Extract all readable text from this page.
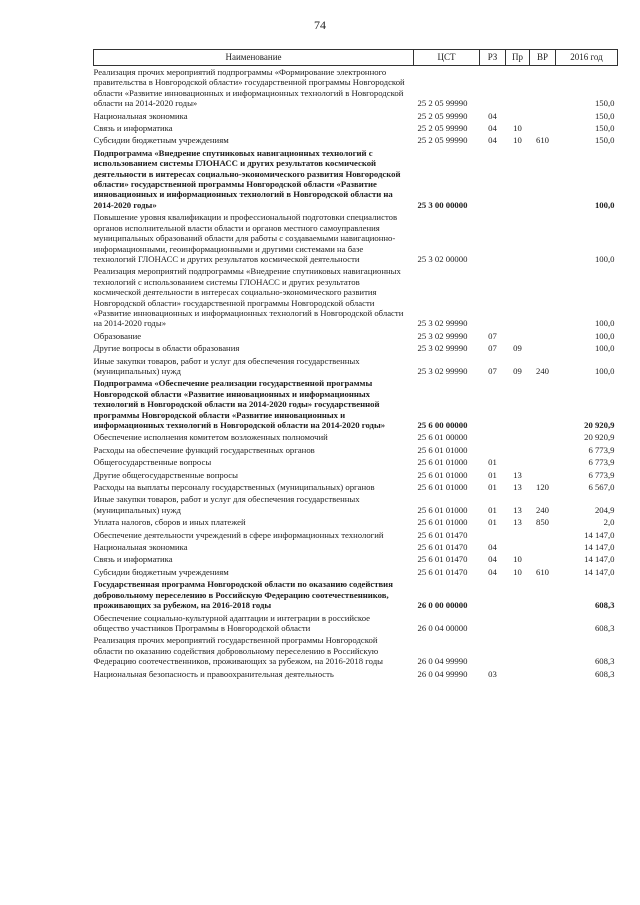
74
Наименование	ЦСТ	РЗ	Пр	ВР	2016 год
Реализация прочих мероприятий подпрограммы «Формирование электронного правительства в Новгородской области» государственной программы Новгородской области «Развитие инновационных и информационных технологий в Новгородской области на 2014-2020 годы»	25 2 05 99990				150,0
Национальная экономика	25 2 05 99990	04			150,0
Связь и информатика	25 2 05 99990	04	10		150,0
Субсидии бюджетным учреждениям	25 2 05 99990	04	10	610	150,0
Подпрограмма «Внедрение спутниковых навигационных технологий с использованием системы ГЛОНАСС и других результатов космической деятельности в интересах социально-экономического развития Новгородской области» государственной программы Новгородской области «Развитие инновационных и информационных технологий в Новгородской области на 2014-2020 годы»	25 3 00 00000				100,0
Повышение уровня квалификации и профессиональной подготовки специалистов органов исполнительной власти области и органов местного самоуправления муниципальных образований области для работы с создаваемыми навигационно-информационными, геоинформационными и другими системами на базе технологий ГЛОНАСС и других результатов космической деятельности	25 3 02 00000				100,0
Реализация мероприятий подпрограммы «Внедрение спутниковых навигационных технологий с использованием системы ГЛОНАСС и других результатов космической деятельности в интересах социально-экономического развития Новгородской области» государственной программы Новгородской области «Развитие инновационных и информационных технологий в Новгородской области на 2014-2020 годы»	25 3 02 99990				100,0
Образование	25 3 02 99990	07			100,0
Другие вопросы в области образования	25 3 02 99990	07	09		100,0
Иные закупки товаров, работ и услуг для обеспечения государственных (муниципальных) нужд	25 3 02 99990	07	09	240	100,0
Подпрограмма «Обеспечение реализации государственной программы Новгородской области «Развитие инновационных и информационных технологий в Новгородской области на 2014-2020 годы» государственной программы Новгородской области «Развитие инновационных и информационных технологий в Новгородской области на 2014-2020 годы»	25 6 00 00000				20 920,9
Обеспечение исполнения комитетом возложенных полномочий	25 6 01 00000				20 920,9
Расходы на обеспечение функций государственных органов	25 6 01 01000				6 773,9
Общегосударственные вопросы	25 6 01 01000	01			6 773,9
Другие общегосударственные вопросы	25 6 01 01000	01	13		6 773,9
Расходы на выплаты персоналу государственных (муниципальных) органов	25 6 01 01000	01	13	120	6 567,0
Иные закупки товаров, работ и услуг для обеспечения государственных (муниципальных) нужд	25 6 01 01000	01	13	240	204,9
Уплата налогов, сборов и иных платежей	25 6 01 01000	01	13	850	2,0
Обеспечение деятельности учреждений в сфере информационных технологий	25 6 01 01470				14 147,0
Национальная экономика	25 6 01 01470	04			14 147,0
Связь и информатика	25 6 01 01470	04	10		14 147,0
Субсидии бюджетным учреждениям	25 6 01 01470	04	10	610	14 147,0
Государственная программа Новгородской области по оказанию содействия добровольному переселению в Российскую Федерацию соотечественников, проживающих за рубежом, на 2016-2018 годы	26 0 00 00000				608,3
Обеспечение социально-культурной адаптации и интеграции в российское общество участников Программы в Новгородской области	26 0 04 00000				608,3
Реализация прочих мероприятий государственной программы Новгородской области по оказанию содействия добровольному переселению в Российскую Федерацию соотечественников, проживающих за рубежом, на 2016-2018 годы	26 0 04 99990				608,3
Национальная безопасность и правоохранительная деятельность	26 0 04 99990	03			608,3
